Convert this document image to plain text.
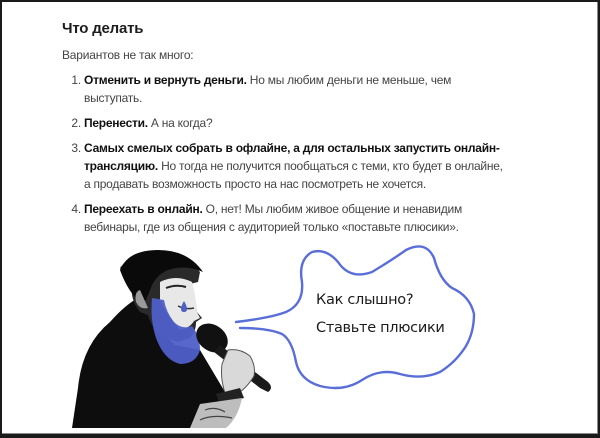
Что делать

Вариантов не так много:

1. Отменить и вернуть деньги. Но мы любим деньги не меньше, чем выступать.
2. Перенести. А на когда?
3. Самых смелых собрать в офлайне, а для остальных запустить онлайн-трансляцию. Но тогда не получится пообщаться с теми, кто будет в онлайне, а продавать возможность просто на нас посмотреть не хочется.
4. Переехать в онлайн. О, нет! Мы любим живое общение и ненавидим вебинары, где из общения с аудиторией только «поставьте плюсики».
Как слышно?
Ставьте плюсики
